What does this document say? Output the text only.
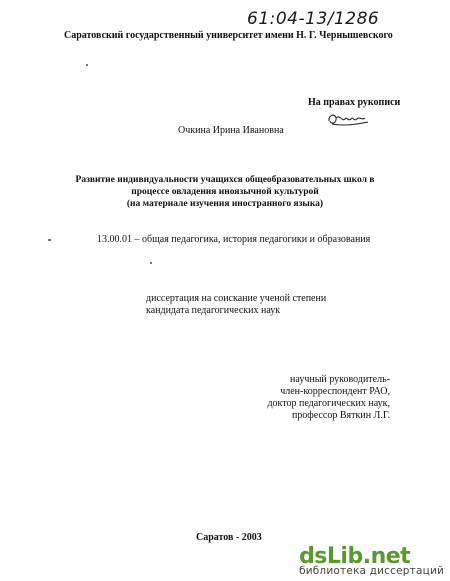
61:04-13/1286
Саратовский государственный университет имени Н. Г. Чернышевского
На правах рукописи
Очкина Ирина Ивановна
Развитие индивидуальности учащихся общеобразовательных школ в
процессе овладения иноязычной культурой
(на материале изучения иностранного языка)
13.00.01 – общая педагогика, история педагогики и образования
диссертация на соискание ученой степени
кандидата педагогических наук
научный руководитель-
член-корреспондент РАО,
доктор педагогических наук,
профессор Вяткин Л.Г.
Саратов - 2003
dsLib.net
библиотека диссертаций
